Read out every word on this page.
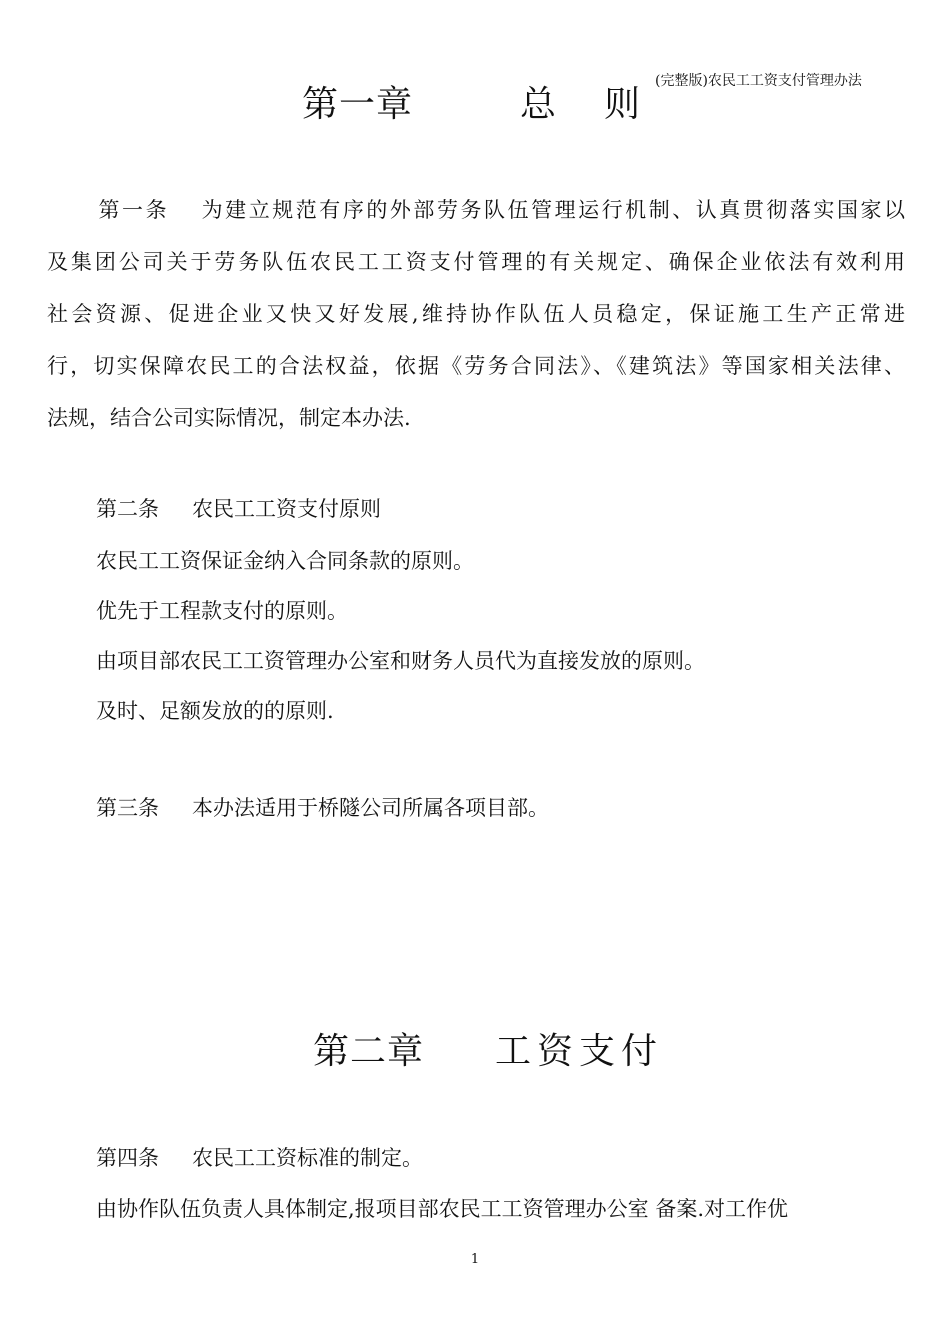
(完整版)农民工工资支付管理办法
第一章	总则
第一条 为建立规范有序的外部劳务队伍管理运行机制、认真贯彻落实国家以
及集团公司关于劳务队伍农民工工资支付管理的有关规定、确保企业依法有效利用
社会资源、促进企业又快又好发展,维持协作队伍人员稳定，保证施工生产正常进
行，切实保障农民工的合法权益，依据《劳务合同法》、《建筑法》等国家相关法律、
法规，结合公司实际情况，制定本办法.
第二条 农民工工资支付原则
农民工工资保证金纳入合同条款的原则。
优先于工程款支付的原则。
由项目部农民工工资管理办公室和财务人员代为直接发放的原则。
及时、足额发放的的原则.
第三条 本办法适用于桥隧公司所属各项目部。
第二章 工资支付
第四条 农民工工资标准的制定。
由协作队伍负责人具体制定,报项目部农民工工资管理办公室 备案.对工作优
1
